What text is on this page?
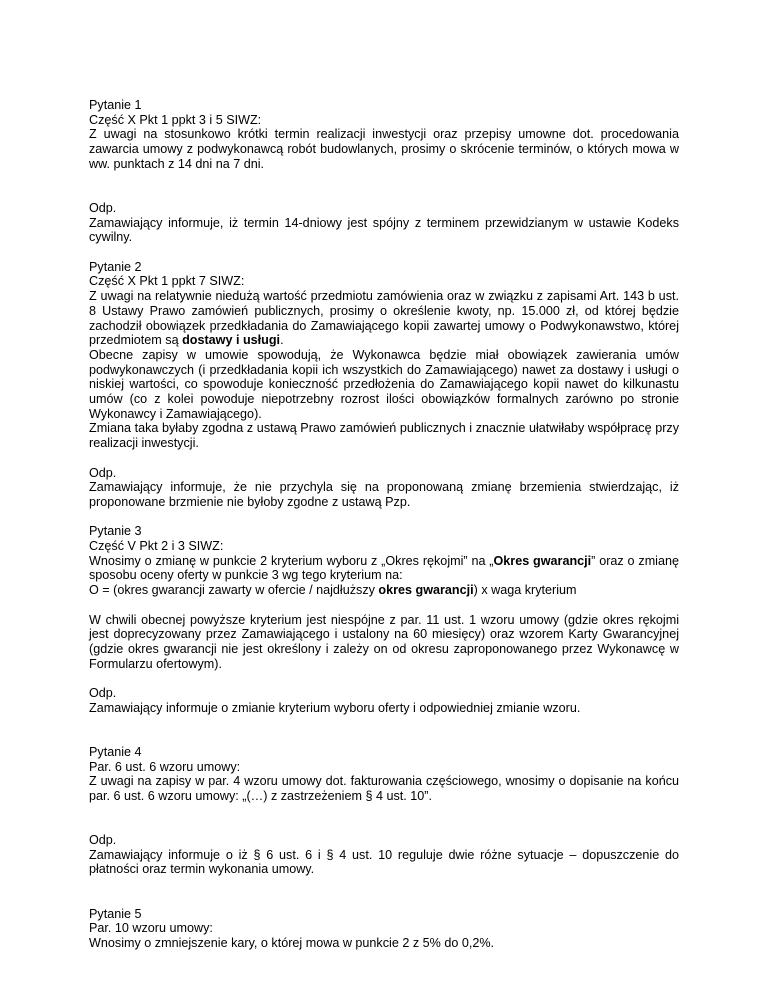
Pytanie 1
Część X Pkt 1 ppkt 3 i 5 SIWZ:
Z uwagi na stosunkowo krótki termin realizacji inwestycji oraz przepisy umowne dot. procedowania zawarcia umowy z podwykonawcą robót budowlanych, prosimy o skrócenie terminów, o których mowa w ww. punktach z 14 dni na 7 dni.
Odp.
Zamawiający informuje, iż termin 14-dniowy jest spójny z terminem przewidzianym w ustawie Kodeks cywilny.
Pytanie 2
Część X Pkt 1 ppkt 7 SIWZ:
Z uwagi na relatywnie niedużą wartość przedmiotu zamówienia oraz w związku z zapisami Art. 143 b ust. 8 Ustawy Prawo zamówień publicznych, prosimy o określenie kwoty, np. 15.000 zł, od której będzie zachodził obowiązek przedkładania do Zamawiającego kopii zawartej umowy o Podwykonawstwo, której przedmiotem są dostawy i usługi.
Obecne zapisy w umowie spowodują, że Wykonawca będzie miał obowiązek zawierania umów podwykonawczych (i przedkładania kopii ich wszystkich do Zamawiającego) nawet za dostawy i usługi o niskiej wartości, co spowoduje konieczność przedłożenia do Zamawiającego kopii nawet do kilkunastu umów (co z kolei powoduje niepotrzebny rozrost ilości obowiązków formalnych zarówno po stronie Wykonawcy i Zamawiającego).
Zmiana taka byłaby zgodna z ustawą Prawo zamówień publicznych i znacznie ułatwiłaby współpracę przy realizacji inwestycji.
Odp.
Zamawiający informuje, że nie przychyla się na proponowaną zmianę brzemienia stwierdzając, iż proponowane brzmienie nie byłoby zgodne z ustawą Pzp.
Pytanie 3
Część V Pkt 2 i 3 SIWZ:
Wnosimy o zmianę w punkcie 2 kryterium wyboru z „Okres rękojmi” na „Okres gwarancji” oraz o zmianę sposobu oceny oferty w punkcie 3 wg tego kryterium na:
O = (okres gwarancji zawarty w ofercie / najdłuższy okres gwarancji) x waga kryterium
W chwili obecnej powyższe kryterium jest niespójne z par. 11 ust. 1 wzoru umowy (gdzie okres rękojmi jest doprecyzowany przez Zamawiającego i ustalony na 60 miesięcy) oraz wzorem Karty Gwarancyjnej (gdzie okres gwarancji nie jest określony i zależy on od okresu zaproponowanego przez Wykonawcę w Formularzu ofertowym).
Odp.
Zamawiający informuje o zmianie kryterium wyboru oferty i odpowiedniej zmianie wzoru.
Pytanie 4
Par. 6 ust. 6 wzoru umowy:
Z uwagi na zapisy w par. 4 wzoru umowy dot. fakturowania częściowego, wnosimy o dopisanie na końcu par. 6 ust. 6 wzoru umowy: „(…) z zastrzeżeniem § 4 ust. 10”.
Odp.
Zamawiający informuje o iż § 6 ust. 6 i § 4 ust. 10 reguluje dwie różne sytuacje – dopuszczenie do płatności oraz termin wykonania umowy.
Pytanie 5
Par. 10 wzoru umowy:
Wnosimy o zmniejszenie kary, o której mowa w punkcie 2 z 5% do 0,2%.
